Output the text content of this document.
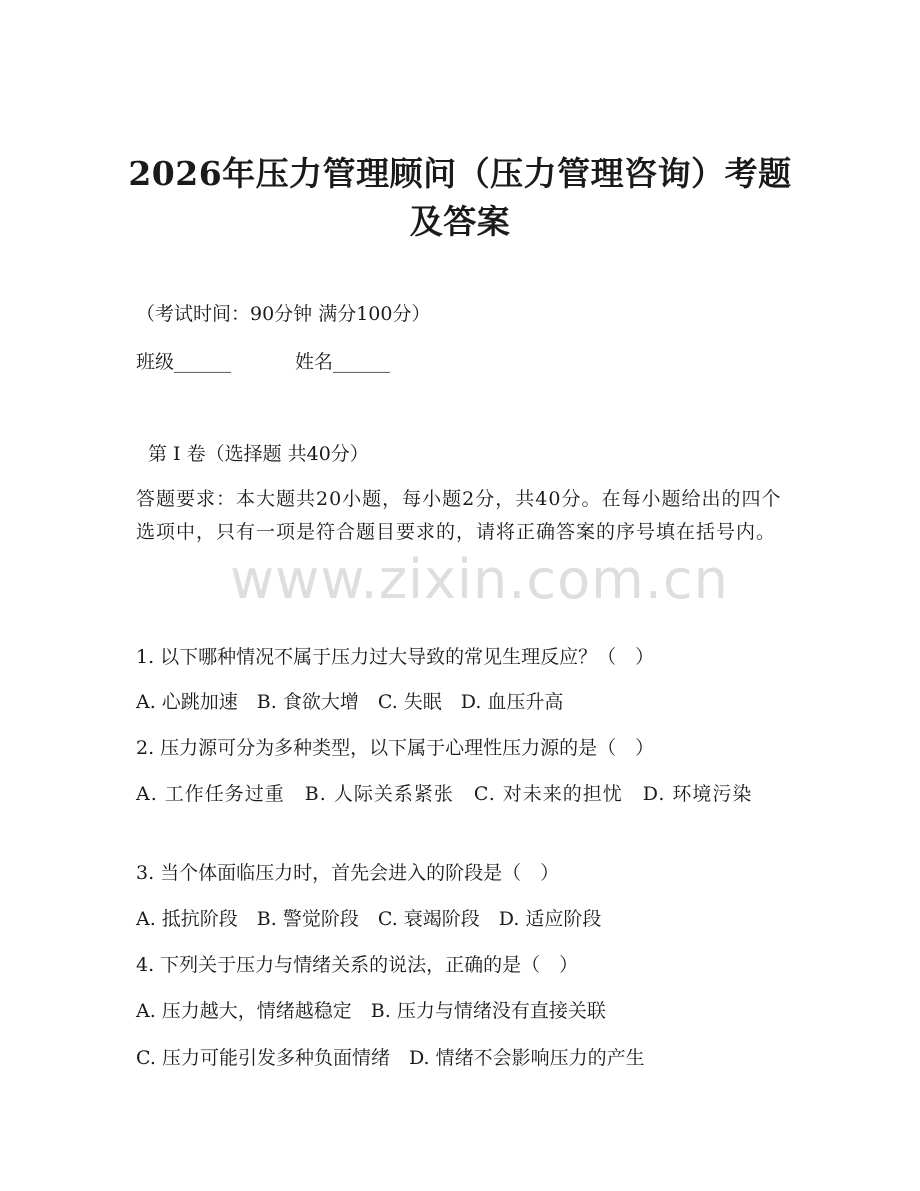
2026年压力管理顾问（压力管理咨询）考题及答案
（考试时间：90分钟 满分100分）
班级______	姓名______
第 I 卷（选择题 共40分）
答题要求：本大题共20小题，每小题2分，共40分。在每小题给出的四个选项中，只有一项是符合题目要求的，请将正确答案的序号填在括号内。
www.zixin.com.cn
1. 以下哪种情况不属于压力过大导致的常见生理反应？（　）
A. 心跳加速　B. 食欲大增　C. 失眠　D. 血压升高
2. 压力源可分为多种类型，以下属于心理性压力源的是（　）
A. 工作任务过重　B. 人际关系紧张　C. 对未来的担忧　D. 环境污染
3. 当个体面临压力时，首先会进入的阶段是（　）
A. 抵抗阶段　B. 警觉阶段　C. 衰竭阶段　D. 适应阶段
4. 下列关于压力与情绪关系的说法，正确的是（　）
A. 压力越大，情绪越稳定　B. 压力与情绪没有直接关联
C. 压力可能引发多种负面情绪　D. 情绪不会影响压力的产生
